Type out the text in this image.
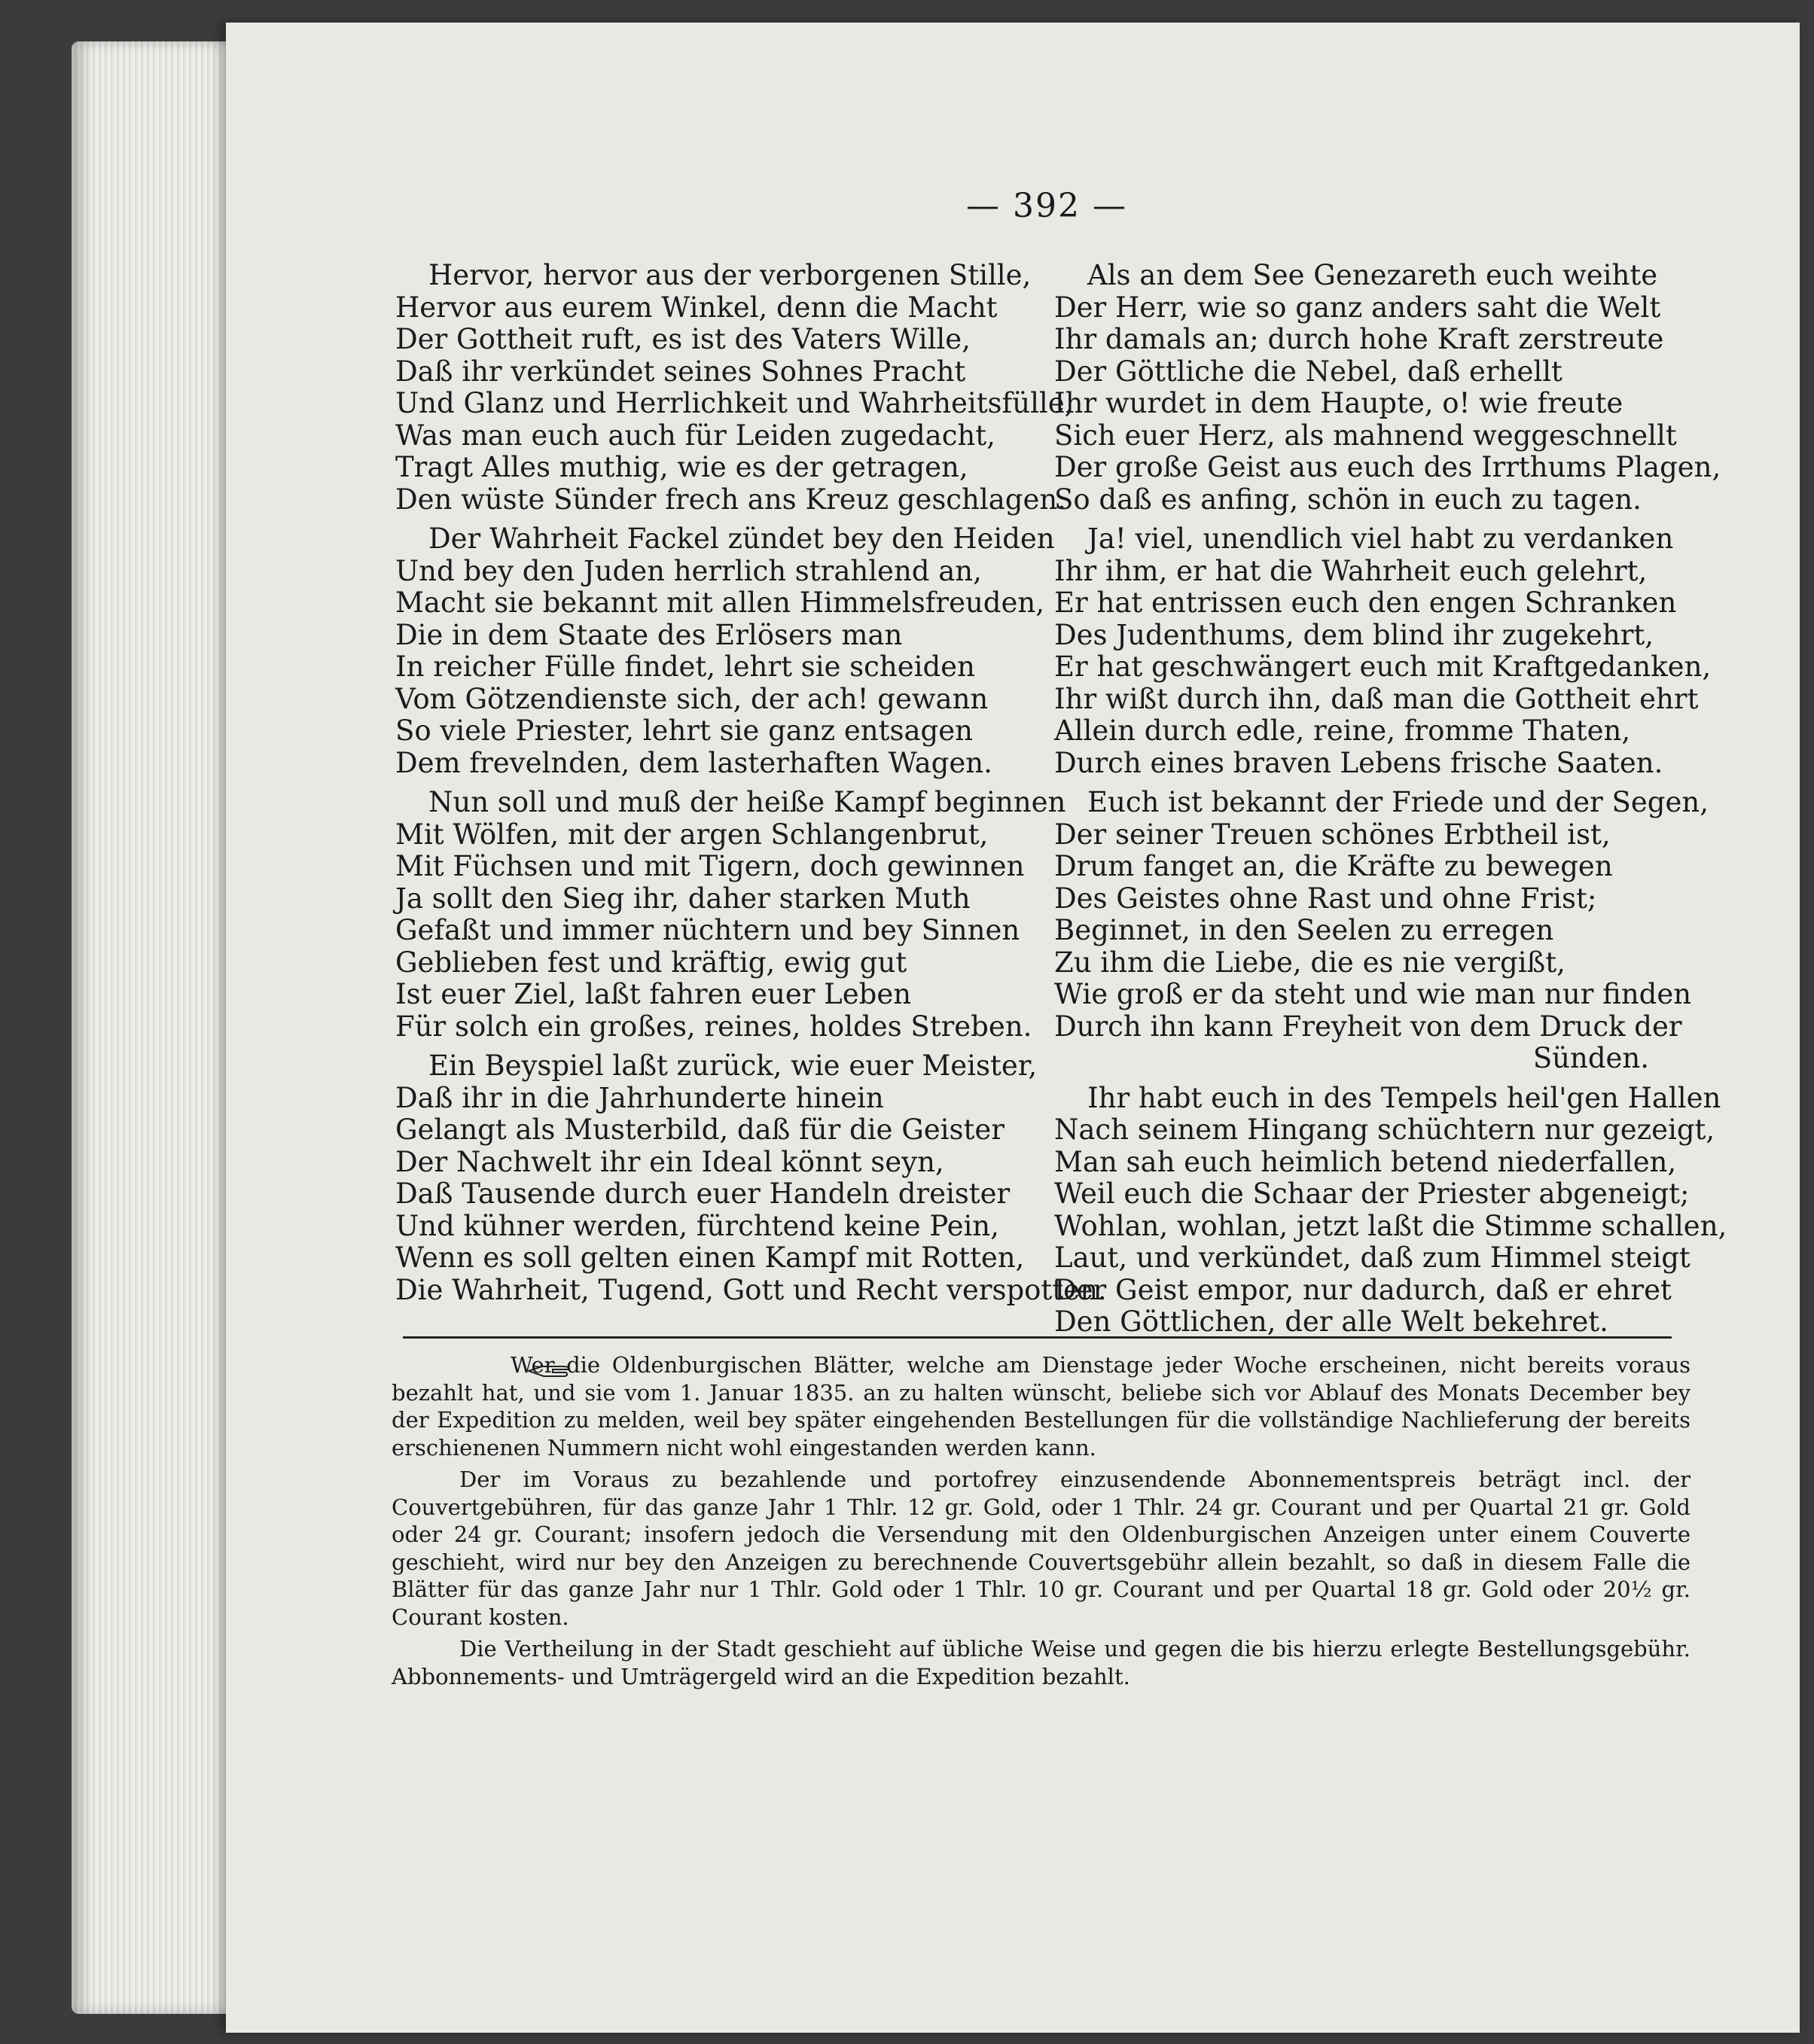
— 392 —
Hervor, hervor aus der verborgenen Stille,
Hervor aus eurem Winkel, denn die Macht
Der Gottheit ruft, es ist des Vaters Wille,
Daß ihr verkündet seines Sohnes Pracht
Und Glanz und Herrlichkeit und Wahrheitsfülle,
Was man euch auch für Leiden zugedacht,
Tragt Alles muthig, wie es der getragen,
Den wüste Sünder frech ans Kreuz geschlagen.
Der Wahrheit Fackel zündet bey den Heiden
Und bey den Juden herrlich strahlend an,
Macht sie bekannt mit allen Himmelsfreuden,
Die in dem Staate des Erlösers man
In reicher Fülle findet, lehrt sie scheiden
Vom Götzendienste sich, der ach! gewann
So viele Priester, lehrt sie ganz entsagen
Dem frevelnden, dem lasterhaften Wagen.
Nun soll und muß der heiße Kampf beginnen
Mit Wölfen, mit der argen Schlangenbrut,
Mit Füchsen und mit Tigern, doch gewinnen
Ja sollt den Sieg ihr, daher starken Muth
Gefaßt und immer nüchtern und bey Sinnen
Geblieben fest und kräftig, ewig gut
Ist euer Ziel, laßt fahren euer Leben
Für solch ein großes, reines, holdes Streben.
Ein Beyspiel laßt zurück, wie euer Meister,
Daß ihr in die Jahrhunderte hinein
Gelangt als Musterbild, daß für die Geister
Der Nachwelt ihr ein Ideal könnt seyn,
Daß Tausende durch euer Handeln dreister
Und kühner werden, fürchtend keine Pein,
Wenn es soll gelten einen Kampf mit Rotten,
Die Wahrheit, Tugend, Gott und Recht verspotten.
Als an dem See Genezareth euch weihte
Der Herr, wie so ganz anders saht die Welt
Ihr damals an; durch hohe Kraft zerstreute
Der Göttliche die Nebel, daß erhellt
Ihr wurdet in dem Haupte, o! wie freute
Sich euer Herz, als mahnend weggeschnellt
Der große Geist aus euch des Irrthums Plagen,
So daß es anfing, schön in euch zu tagen.
Ja! viel, unendlich viel habt zu verdanken
Ihr ihm, er hat die Wahrheit euch gelehrt,
Er hat entrissen euch den engen Schranken
Des Judenthums, dem blind ihr zugekehrt,
Er hat geschwängert euch mit Kraftgedanken,
Ihr wißt durch ihn, daß man die Gottheit ehrt
Allein durch edle, reine, fromme Thaten,
Durch eines braven Lebens frische Saaten.
Euch ist bekannt der Friede und der Segen,
Der seiner Treuen schönes Erbtheil ist,
Drum fanget an, die Kräfte zu bewegen
Des Geistes ohne Rast und ohne Frist;
Beginnet, in den Seelen zu erregen
Zu ihm die Liebe, die es nie vergißt,
Wie groß er da steht und wie man nur finden
Durch ihn kann Freyheit von dem Druck der
Sünden.
Ihr habt euch in des Tempels heil'gen Hallen
Nach seinem Hingang schüchtern nur gezeigt,
Man sah euch heimlich betend niederfallen,
Weil euch die Schaar der Priester abgeneigt;
Wohlan, wohlan, jetzt laßt die Stimme schallen,
Laut, und verkündet, daß zum Himmel steigt
Der Geist empor, nur dadurch, daß er ehret
Den Göttlichen, der alle Welt bekehret.

Wer die Oldenburgischen Blätter, welche am Dienstage jeder Woche erscheinen, nicht bereits voraus bezahlt hat, und sie vom 1. Januar 1835. an zu halten wünscht, beliebe sich vor Ablauf des Monats December bey der Expedition zu melden, weil bey später eingehenden Bestellungen für die vollständige Nachlieferung der bereits erschienenen Nummern nicht wohl eingestanden werden kann.

Der im Voraus zu bezahlende und portofrey einzusendende Abonnementspreis beträgt incl. der Couvertgebühren, für das ganze Jahr 1 Thlr. 12 gr. Gold, oder 1 Thlr. 24 gr. Courant und per Quartal 21 gr. Gold oder 24 gr. Courant; insofern jedoch die Versendung mit den Oldenburgischen Anzeigen unter einem Couverte geschieht, wird nur bey den Anzeigen zu berechnende Couvertsgebühr allein bezahlt, so daß in diesem Falle die Blätter für das ganze Jahr nur 1 Thlr. Gold oder 1 Thlr. 10 gr. Courant und per Quartal 18 gr. Gold oder 20½ gr. Courant kosten.

Die Vertheilung in der Stadt geschieht auf übliche Weise und gegen die bis hierzu erlegte Bestellungsgebühr. Abbonnements- und Umträgergeld wird an die Expedition bezahlt.
